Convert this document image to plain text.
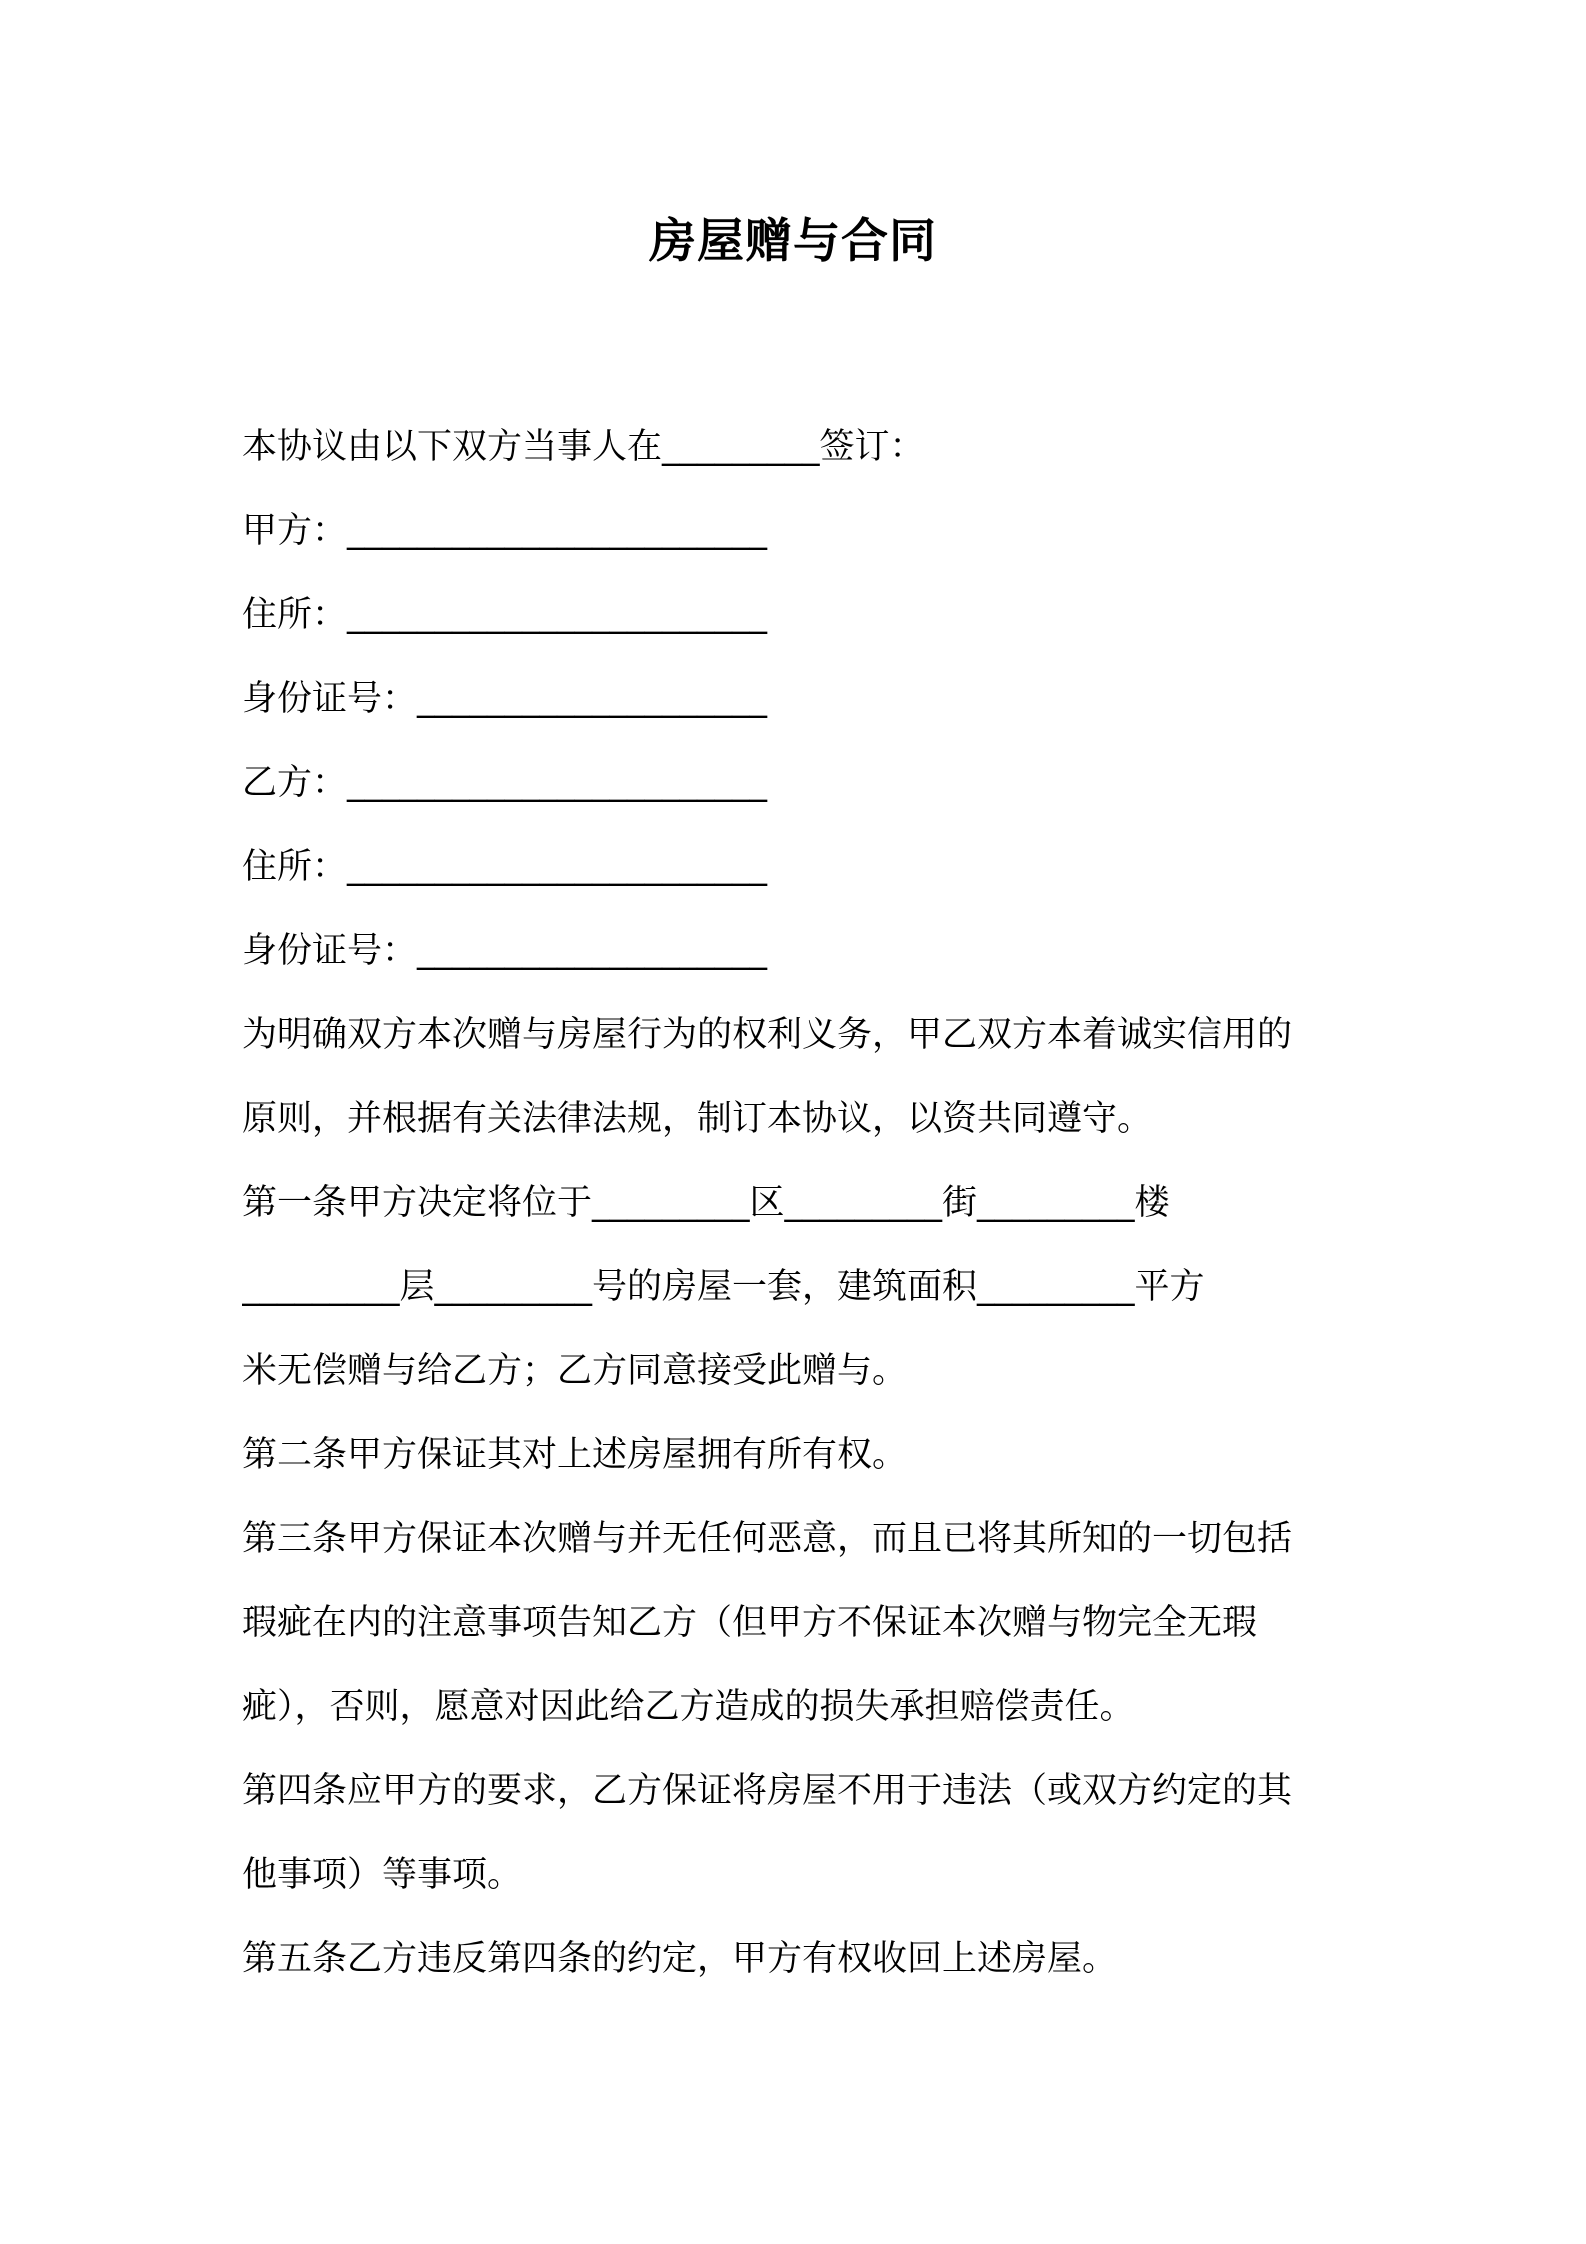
房屋赠与合同
本协议由以下双方当事人在_________签订：
甲方：________________________
住所：________________________
身份证号：____________________
乙方：________________________
住所：________________________
身份证号：____________________
为明确双方本次赠与房屋行为的权利义务，甲乙双方本着诚实信用的
原则，并根据有关法律法规，制订本协议，以资共同遵守。
第一条甲方决定将位于_________区_________街_________楼
_________层_________号的房屋一套，建筑面积_________平方
米无偿赠与给乙方；乙方同意接受此赠与。
第二条甲方保证其对上述房屋拥有所有权。
第三条甲方保证本次赠与并无任何恶意，而且已将其所知的一切包括
瑕疵在内的注意事项告知乙方（但甲方不保证本次赠与物完全无瑕
疵），否则，愿意对因此给乙方造成的损失承担赔偿责任。
第四条应甲方的要求，乙方保证将房屋不用于违法（或双方约定的其
他事项）等事项。
第五条乙方违反第四条的约定，甲方有权收回上述房屋。
